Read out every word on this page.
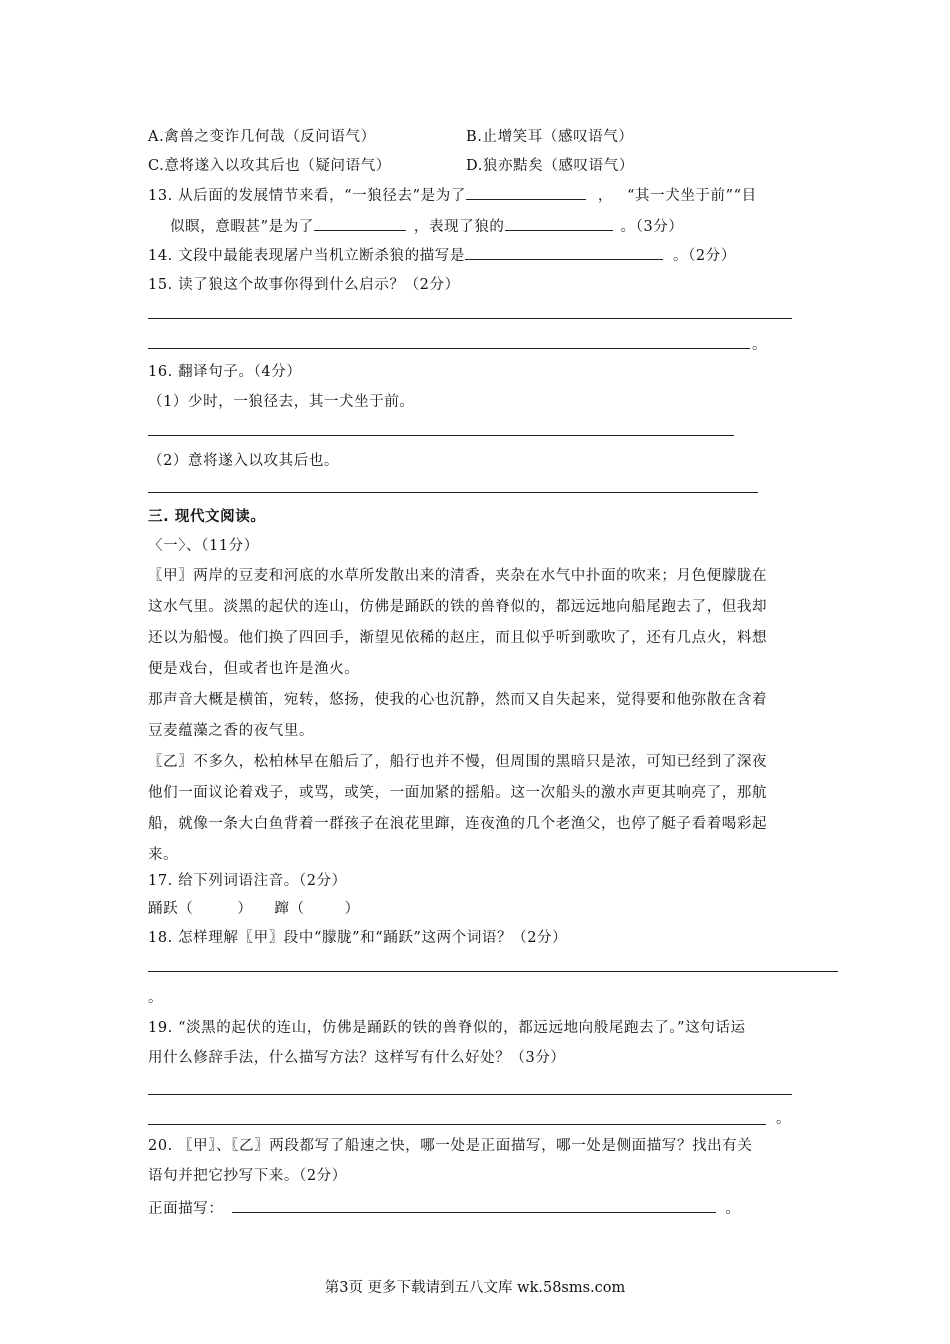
A.禽兽之变诈几何哉（反问语气）	B.止增笑耳（感叹语气）
C.意将遂入以攻其后也（疑问语气）	D.狼亦黠矣（感叹语气）
13. 从后面的发展情节来看，“一狼径去”是为了	， “其一犬坐于前”“目
似瞑，意暇甚”是为了	，表现了狼的	。（3分）
14. 文段中最能表现屠户当机立断杀狼的描写是	。（2分）
15. 读了狼这个故事你得到什么启示？（2分）
。
16. 翻译句子。（4分）
（1）少时，一狼径去，其一犬坐于前。
（2）意将遂入以攻其后也。
三. 现代文阅读。
〈一〉、（11分）
〖甲〗两岸的豆麦和河底的水草所发散出来的清香，夹杂在水气中扑面的吹来；月色便朦胧在
这水气里。淡黑的起伏的连山，仿佛是踊跃的铁的兽脊似的，都远远地向船尾跑去了，但我却
还以为船慢。他们换了四回手，渐望见依稀的赵庄，而且似乎听到歌吹了，还有几点火，料想
便是戏台，但或者也许是渔火。
那声音大概是横笛，宛转，悠扬，使我的心也沉静，然而又自失起来，觉得要和他弥散在含着
豆麦蕴藻之香的夜气里。
〖乙〗不多久，松柏林早在船后了，船行也并不慢，但周围的黑暗只是浓，可知已经到了深夜
他们一面议论着戏子，或骂，或笑，一面加紧的摇船。这一次船头的激水声更其响亮了，那航
船，就像一条大白鱼背着一群孩子在浪花里蹿，连夜渔的几个老渔父，也停了艇子看着喝彩起
来。
17. 给下列词语注音。（2分）
踊跃（	） 蹿（	）
18. 怎样理解〖甲〗段中“朦胧”和“踊跃”这两个词语？（2分）
。
19. “淡黑的起伏的连山，仿佛是踊跃的铁的兽脊似的，都远远地向般尾跑去了。”这句话运
用什么修辞手法，什么描写方法？这样写有什么好处？（3分）
。
20. 〖甲〗、〖乙〗两段都写了船速之快，哪一处是正面描写，哪一处是侧面描写？找出有关
语句并把它抄写下来。（2分）
正面描写：	。
第3页 更多下载请到五八文库 wk.58sms.com
